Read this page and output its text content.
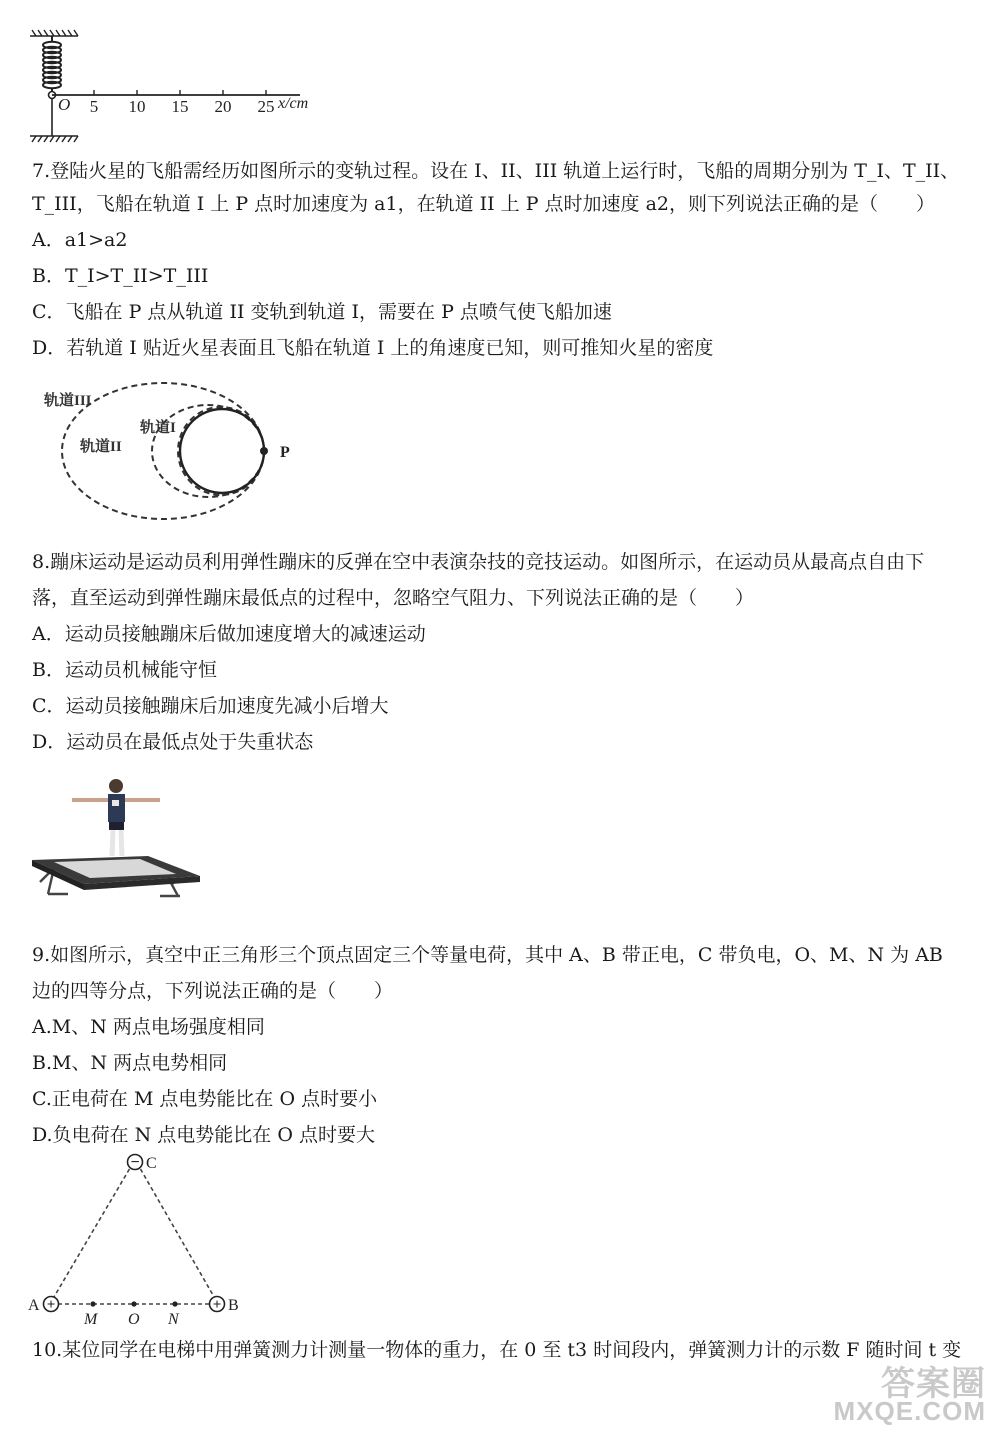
O 5 10 15 20 25 x/cm
7.登陆火星的飞船需经历如图所示的变轨过程。设在 I、II、III 轨道上运行时，飞船的周期分别为 T_I、T_II、
T_III，飞船在轨道 I 上 P 点时加速度为 a1，在轨道 II 上 P 点时加速度 a2，则下列说法正确的是（　　）
A．a1>a2
B．T_I>T_II>T_III
C．飞船在 P 点从轨道 II 变轨到轨道 I，需要在 P 点喷气使飞船加速
D．若轨道 I 贴近火星表面且飞船在轨道 I 上的角速度已知，则可推知火星的密度
轨道III
轨道II
轨道I
P
8.蹦床运动是运动员利用弹性蹦床的反弹在空中表演杂技的竞技运动。如图所示，在运动员从最高点自由下
落，直至运动到弹性蹦床最低点的过程中，忽略空气阻力、下列说法正确的是（　　）
A．运动员接触蹦床后做加速度增大的减速运动
B．运动员机械能守恒
C．运动员接触蹦床后加速度先减小后增大
D．运动员在最低点处于失重状态
9.如图所示，真空中正三角形三个顶点固定三个等量电荷，其中 A、B 带正电，C 带负电，O、M、N 为 AB
边的四等分点，下列说法正确的是（　　）
A.M、N 两点电场强度相同
B.M、N 两点电势相同
C.正电荷在 M 点电势能比在 O 点时要小
D.负电荷在 N 点电势能比在 O 点时要大
− C
+
A	+ B
M O N
10.某位同学在电梯中用弹簧测力计测量一物体的重力，在 0 至 t3 时间段内，弹簧测力计的示数 F 随时间 t 变
答案圈
MXQE.COM
